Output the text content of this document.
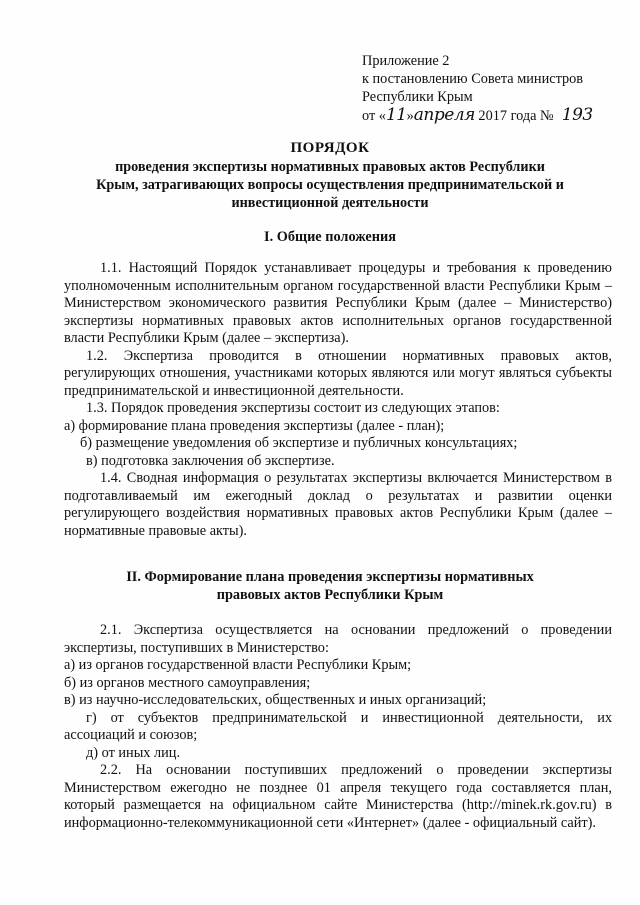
Приложение 2
к постановлению Совета министров
Республики Крым
от «11»апреля 2017 года № 193
ПОРЯДОК
проведения экспертизы нормативных правовых актов Республики
Крым, затрагивающих вопросы осуществления предпринимательской и
инвестиционной деятельности
I. Общие положения

1.1. Настоящий Порядок устанавливает процедуры и требования к проведению уполномоченным исполнительным органом государственной власти Республики Крым – Министерством экономического развития Республики Крым (далее – Министерство) экспертизы нормативных правовых актов исполнительных органов государственной власти Республики Крым (далее – экспертиза).

1.2. Экспертиза проводится в отношении нормативных правовых актов, регулирующих отношения, участниками которых являются или могут являться субъекты предпринимательской и инвестиционной деятельности.

1.3. Порядок проведения экспертизы состоит из следующих этапов:

а) формирование плана проведения экспертизы (далее - план);

б) размещение уведомления об экспертизе и публичных консультациях;

в) подготовка заключения об экспертизе.

1.4. Сводная информация о результатах экспертизы включается Министерством в подготавливаемый им ежегодный доклад о результатах и развитии оценки регулирующего воздействия нормативных правовых актов Республики Крым (далее – нормативные правовые акты).

II. Формирование плана проведения экспертизы нормативных
правовых актов Республики Крым

2.1. Экспертиза осуществляется на основании предложений о проведении экспертизы, поступивших в Министерство:

а) из органов государственной власти Республики Крым;

б) из органов местного самоуправления;

в) из научно-исследовательских, общественных и иных организаций;

г) от субъектов предпринимательской и инвестиционной деятельности, их ассоциаций и союзов;

д) от иных лиц.

2.2. На основании поступивших предложений о проведении экспертизы Министерством ежегодно не позднее 01 апреля текущего года составляется план, который размещается на официальном сайте Министерства (http://minek.rk.gov.ru) в информационно-телекоммуникационной сети «Интернет» (далее - официальный сайт).
